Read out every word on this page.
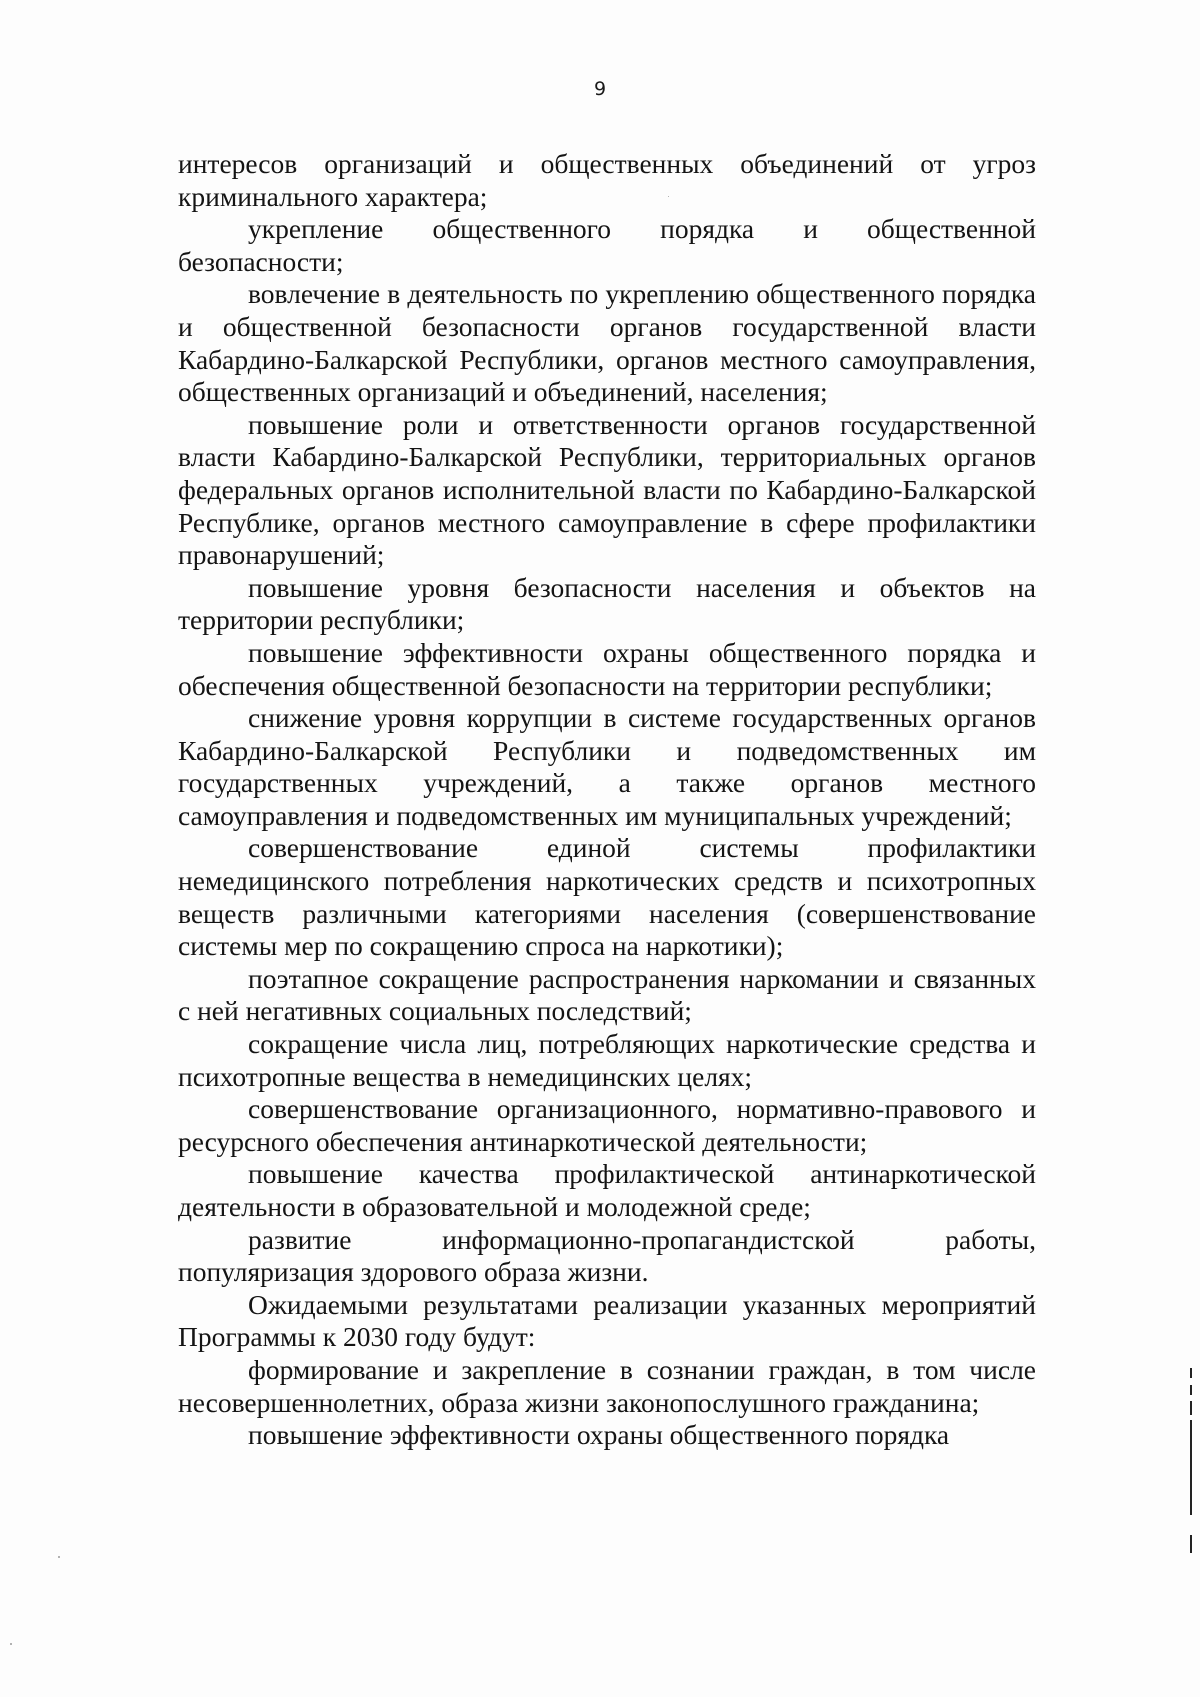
9

интересов организаций и общественных объединений от угроз криминального характера;

укрепление общественного порядка и общественной безопасности;

вовлечение в деятельность по укреплению общественного порядка и общественной безопасности органов государственной власти Кабардино-Балкарской Республики, органов местного самоуправления, общественных организаций и объединений, населения;

повышение роли и ответственности органов государственной власти Кабардино-Балкарской Республики, территориальных органов федеральных органов исполнительной власти по Кабардино-Балкарской Республике, органов местного самоуправление в сфере профилактики правонарушений;

повышение уровня безопасности населения и объектов на территории республики;

повышение эффективности охраны общественного порядка и обеспечения общественной безопасности на территории республики;

снижение уровня коррупции в системе государственных органов Кабардино-Балкарской Республики и подведомственных им государственных учреждений, а также органов местного самоуправления и подведомственных им муниципальных учреждений;

совершенствование единой системы профилактики немедицинского потребления наркотических средств и психотропных веществ различными категориями населения (совершенствование системы мер по сокращению спроса на наркотики);

поэтапное сокращение распространения наркомании и связанных с ней негативных социальных последствий;

сокращение числа лиц, потребляющих наркотические средства и психотропные вещества в немедицинских целях;

совершенствование организационного, нормативно-правового и ресурсного обеспечения антинаркотической деятельности;

повышение качества профилактической антинаркотической деятельности в образовательной и молодежной среде;

развитие информационно-пропагандистской работы, популяризация здорового образа жизни.

Ожидаемыми результатами реализации указанных мероприятий Программы к 2030 году будут:

формирование и закрепление в сознании граждан, в том числе несовершеннолетних, образа жизни законопослушного гражданина;

повышение эффективности охраны общественного порядка
